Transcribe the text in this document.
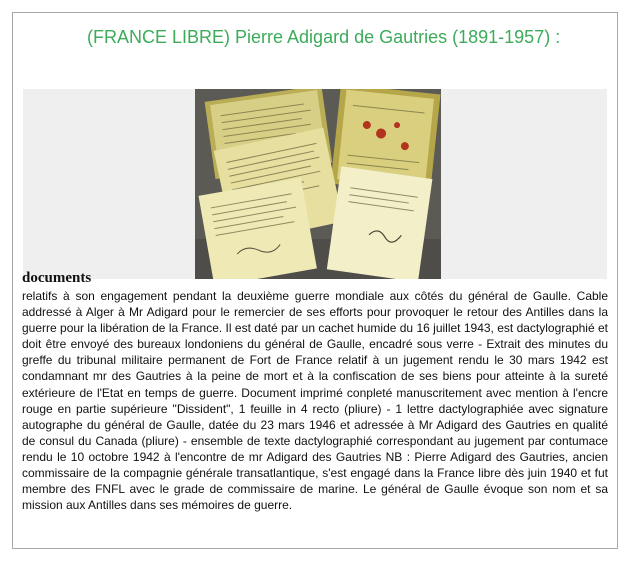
(FRANCE LIBRE) Pierre Adigard de Gautries (1891-1957) :
documents

relatifs à son engagement pendant la deuxième guerre mondiale aux côtés du général de Gaulle. Cable addressé à Alger à Mr Adigard pour le remercier de ses efforts pour provoquer le retour des Antilles dans la guerre pour la libération de la France. Il est daté par un cachet humide du 16 juillet 1943, est dactylographié et doit être envoyé des bureaux londoniens du général de Gaulle, encadré sous verre - Extrait des minutes du greffe du tribunal militaire permanent de Fort de France relatif à un jugement rendu le 30 mars 1942 est condamnant mr des Gautries à la peine de mort et à la confiscation de ses biens pour atteinte à la sureté extérieure de l'Etat en temps de guerre. Document imprimé conpleté manuscritement avec mention à l'encre rouge en partie supérieure "Dissident", 1 feuille in 4 recto (pliure) - 1 lettre dactylographiée avec signature autographe du général de Gaulle, datée du 23 mars 1946 et adressée à Mr Adigard des Gautries en qualité de consul du Canada (pliure) - ensemble de texte dactylographié correspondant au jugement par contumace rendu le 10 octobre 1942 à l'encontre de mr Adigard des Gautries NB : Pierre Adigard des Gautries, ancien commissaire de la compagnie générale transatlantique, s'est engagé dans la France libre dès juin 1940 et fut membre des FNFL avec le grade de commissaire de marine. Le général de Gaulle évoque son nom et sa mission aux Antilles dans ses mémoires de guerre.
